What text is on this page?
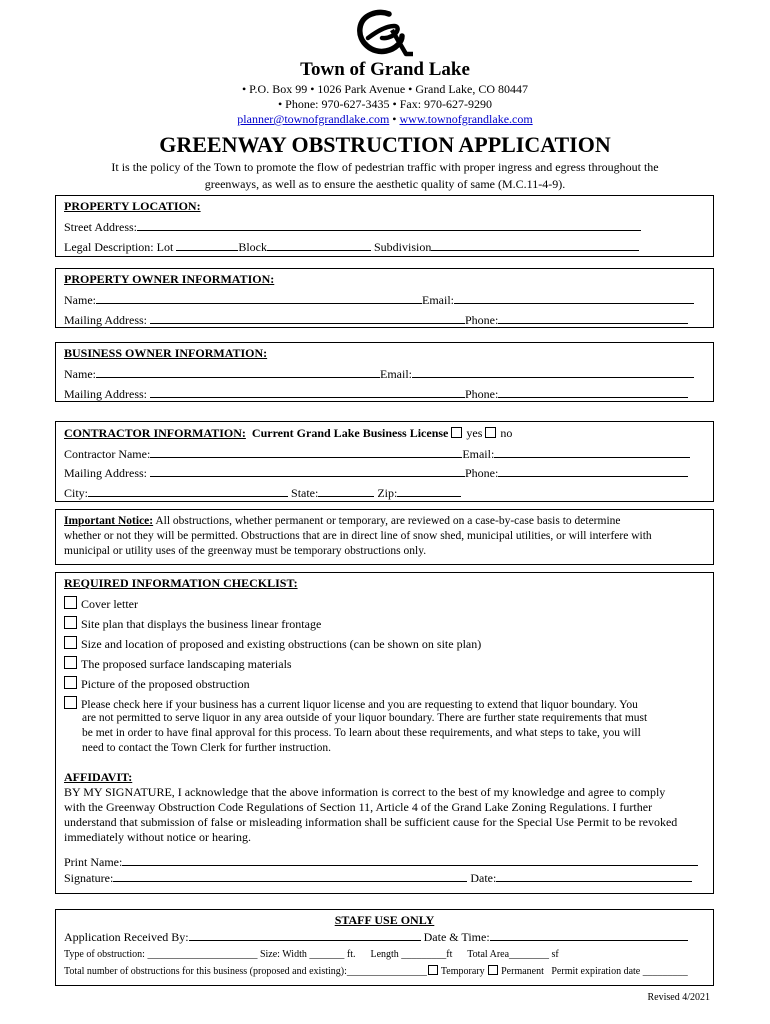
Town of Grand Lake
• P.O. Box 99 • 1026 Park Avenue • Grand Lake, CO 80447
• Phone: 970-627-3435 • Fax: 970-627-9290
planner@townofgrandlake.com • www.townofgrandlake.com
GREENWAY OBSTRUCTION APPLICATION
It is the policy of the Town to promote the flow of pedestrian traffic with proper ingress and egress throughout the
greenways, as well as to ensure the aesthetic quality of same (M.C.11-4-9).
PROPERTY LOCATION:
Street Address:
Legal Description: Lot	Block	Subdivision
PROPERTY OWNER INFORMATION:
Name:	Email:
Mailing Address:	Phone:
BUSINESS OWNER INFORMATION:
Name:	Email:
Mailing Address:	Phone:
CONTRACTOR INFORMATION: Current Grand Lake Business License yes no
Contractor Name:	Email:
Mailing Address:	Phone:
City:	State:	Zip:
Important Notice: All obstructions, whether permanent or temporary, are reviewed on a case-by-case basis to determine
whether or not they will be permitted. Obstructions that are in direct line of snow shed, municipal utilities, or will interfere with
municipal or utility uses of the greenway must be temporary obstructions only.
REQUIRED INFORMATION CHECKLIST:
Cover letter
Site plan that displays the business linear frontage
Size and location of proposed and existing obstructions (can be shown on site plan)
The proposed surface landscaping materials
Picture of the proposed obstruction
Please check here if your business has a current liquor license and you are requesting to extend that liquor boundary. You
are not permitted to serve liquor in any area outside of your liquor boundary. There are further state requirements that must
be met in order to have final approval for this process. To learn about these requirements, and what steps to take, you will
need to contact the Town Clerk for further instruction.
AFFIDAVIT:
BY MY SIGNATURE, I acknowledge that the above information is correct to the best of my knowledge and agree to comply
with the Greenway Obstruction Code Regulations of Section 11, Article 4 of the Grand Lake Zoning Regulations. I further
understand that submission of false or misleading information shall be sufficient cause for the Special Use Permit to be revoked
immediately without notice or hearing.
Print Name:
Signature:	Date:
STAFF USE ONLY
Application Received By:	Date & Time:
Type of obstruction: ______________________ Size: Width _______ ft. Length _________ft Total Area________ sf
Total number of obstructions for this business (proposed and existing):________________ Temporary Permanent Permit expiration date _________
Revised 4/2021
